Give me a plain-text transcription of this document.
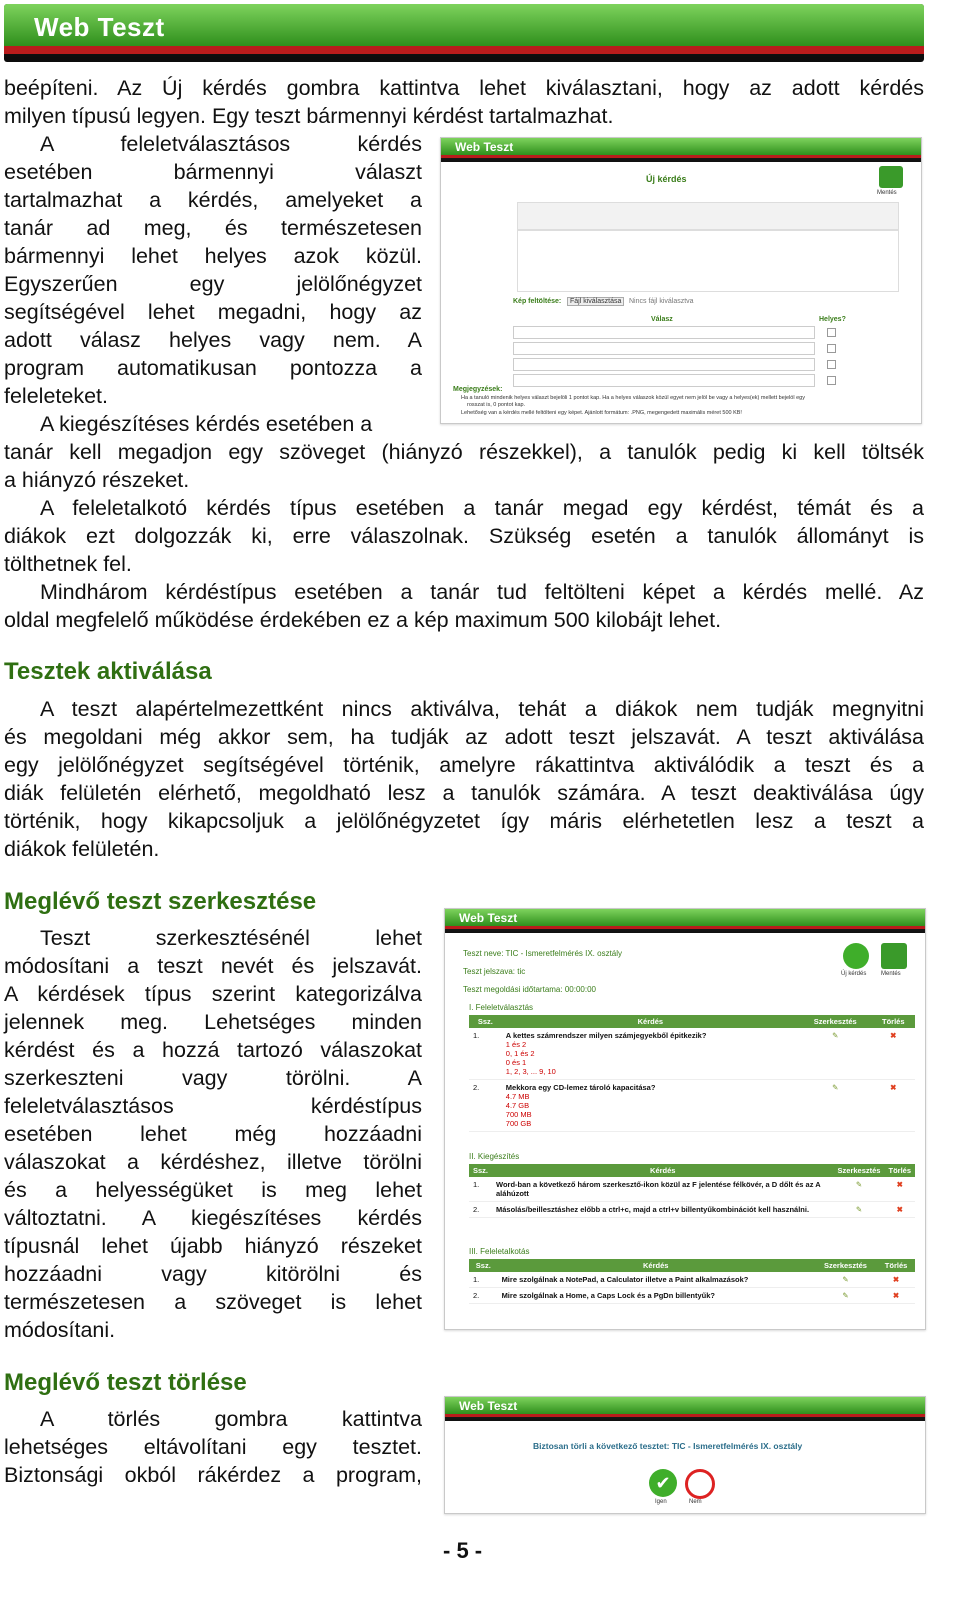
Web Teszt

beépíteni. Az Új kérdés gombra kattintva lehet kiválasztani, hogy az adott kérdés

milyen típusú legyen. Egy teszt bármennyi kérdést tartalmazhat.

A feleletválasztásos kérdés

esetében bármennyi választ

tartalmazhat a kérdés, amelyeket a

tanár ad meg, és természetesen

bármennyi lehet helyes azok közül.

Egyszerűen egy jelölőnégyzet

segítségével lehet megadni, hogy az

adott válasz helyes vagy nem. A

program automatikusan pontozza a

feleleteket.

A kiegészítéses kérdés esetében a

tanár kell megadjon egy szöveget (hiányzó részekkel), a tanulók pedig ki kell töltsék

a hiányzó részeket.

A feleletalkotó kérdés típus esetében a tanár megad egy kérdést, témát és a

diákok ezt dolgozzák ki, erre válaszolnak. Szükség esetén a tanulók állományt is

tölthetnek fel.

Mindhárom kérdéstípus esetében a tanár tud feltölteni képet a kérdés mellé. Az

oldal megfelelő működése érdekében ez a kép maximum 500 kilobájt lehet.

Web Teszt
Új kérdés
Mentés
Kép feltöltése:	Fájl kiválasztása	Nincs fájl kiválasztva
Válasz	Helyes?
Megjegyzések:
Ha a tanuló mindenik helyes választ bejelöli 1 pontot kap. Ha a helyes válaszok közül egyet nem jelöl be vagy a helyes(ek) mellett bejelöl egy
rosszat is, 0 pontot kap.
Lehetőség van a kérdés mellé feltölteni egy képet. Ajánlott formátum: .PNG, megengedett maximális méret 500 KB!
Tesztek aktiválása

A teszt alapértelmezettként nincs aktiválva, tehát a diákok nem tudják megnyitni

és megoldani még akkor sem, ha tudják az adott teszt jelszavát. A teszt aktiválása

egy jelölőnégyzet segítségével történik, amelyre rákattintva aktiválódik a teszt és a

diák felületén elérhető, megoldható lesz a tanulók számára. A teszt deaktiválása úgy

történik, hogy kikapcsoljuk a jelölőnégyzetet így máris elérhetetlen lesz a teszt a

diákok felületén.

Meglévő teszt szerkesztése

Teszt szerkesztésénél lehet

módosítani a teszt nevét és jelszavát.

A kérdések típus szerint kategorizálva

jelennek meg. Lehetséges minden

kérdést és a hozzá tartozó válaszokat

szerkeszteni vagy törölni. A

feleletválasztásos kérdéstípus

esetében lehet még hozzáadni

válaszokat a kérdéshez, illetve törölni

és a helyességüket is meg lehet

változtatni. A kiegészítéses kérdés

típusnál lehet újabb hiányzó részeket

hozzáadni vagy kitörölni és

természetesen a szöveget is lehet

módosítani.

Web Teszt
Teszt neve: TIC - Ismeretfelmérés IX. osztály
Teszt jelszava: tic
Teszt megoldási időtartama: 00:00:00
Új kérdés Mentés
I. Feleletválasztás
Ssz.	Kérdés	Szerkesztés	Törlés
1.	A kettes számrendszer milyen számjegyekből épitkezik?
1 és 2
0, 1 és 2
0 és 1
1, 2, 3, ... 9, 10	✎	✖
2.	Mekkora egy CD-lemez tároló kapacitása?
4.7 MB
4.7 GB
700 MB
700 GB	✎	✖
II. Kiegészítés
Ssz.	Kérdés	Szerkesztés	Törlés
1.	Word-ban a következő három szerkesztő-ikon közül az F jelentése félkövér, a D dőlt és az A aláhúzott	✎	✖
2.	Másolás/beillesztáshez előbb a ctrl+c, majd a ctrl+v billentyűkombinációt kell használni.	✎	✖
III. Feleletalkotás
Ssz.	Kérdés	Szerkesztés	Törlés
1.	Mire szolgálnak a NotePad, a Calculator illetve a Paint alkalmazások?	✎	✖
2.	Mire szolgálnak a Home, a Caps Lock és a PgDn billentyűk?	✎	✖
Meglévő teszt törlése

A törlés gombra kattintva

lehetséges eltávolítani egy tesztet.

Biztonsági okból rákérdez a program,

Web Teszt
Biztosan törli a következő tesztet: TIC - Ismeretfelmérés IX. osztály
✔
Igen	Nem
- 5 -
